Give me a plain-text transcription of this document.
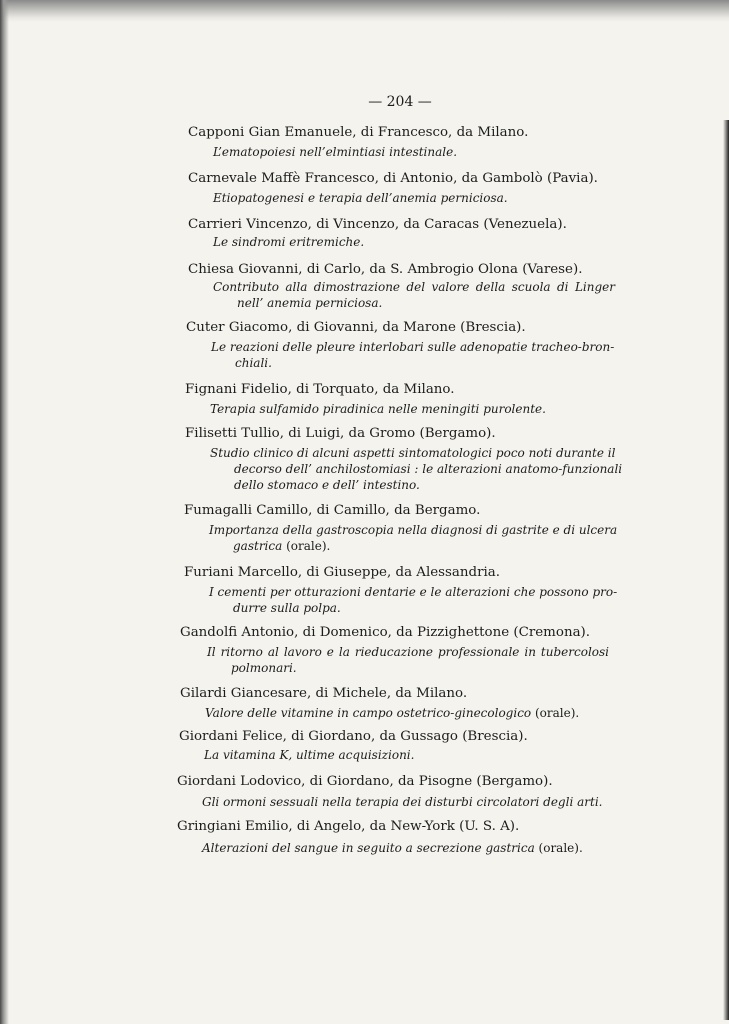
— 204 —
Capponi Gian Emanuele, di Francesco, da Milano.
L’ematopoiesi nell’elmintiasi intestinale.
Carnevale Maffè Francesco, di Antonio, da Gambolò (Pavia).
Etiopatogenesi e terapia dell’anemia perniciosa.
Carrieri Vincenzo, di Vincenzo, da Caracas (Venezuela).
Le sindromi eritremiche.
Chiesa Giovanni, di Carlo, da S. Ambrogio Olona (Varese).
Contributo alla dimostrazione del valore della scuola di Linger
nell’ anemia perniciosa.
Cuter Giacomo, di Giovanni, da Marone (Brescia).
Le reazioni delle pleure interlobari sulle adenopatie tracheo-bron-
chiali.
Fignani Fidelio, di Torquato, da Milano.
Terapia sulfamido piradinica nelle meningiti purolente.
Filisetti Tullio, di Luigi, da Gromo (Bergamo).
Studio clinico di alcuni aspetti sintomatologici poco noti durante il
decorso dell’ anchilostomiasi : le alterazioni anatomo-funzionali
dello stomaco e dell’ intestino.
Fumagalli Camillo, di Camillo, da Bergamo.
Importanza della gastroscopia nella diagnosi di gastrite e di ulcera
gastrica (orale).
Furiani Marcello, di Giuseppe, da Alessandria.
I cementi per otturazioni dentarie e le alterazioni che possono pro-
durre sulla polpa.
Gandolfi Antonio, di Domenico, da Pizzighettone (Cremona).
Il ritorno al lavoro e la rieducazione professionale in tubercolosi
polmonari.
Gilardi Giancesare, di Michele, da Milano.
Valore delle vitamine in campo ostetrico-ginecologico (orale).
Giordani Felice, di Giordano, da Gussago (Brescia).
La vitamina K, ultime acquisizioni.
Giordani Lodovico, di Giordano, da Pisogne (Bergamo).
Gli ormoni sessuali nella terapia dei disturbi circolatori degli arti.
Gringiani Emilio, di Angelo, da New-York (U. S. A).
Alterazioni del sangue in seguito a secrezione gastrica (orale).
